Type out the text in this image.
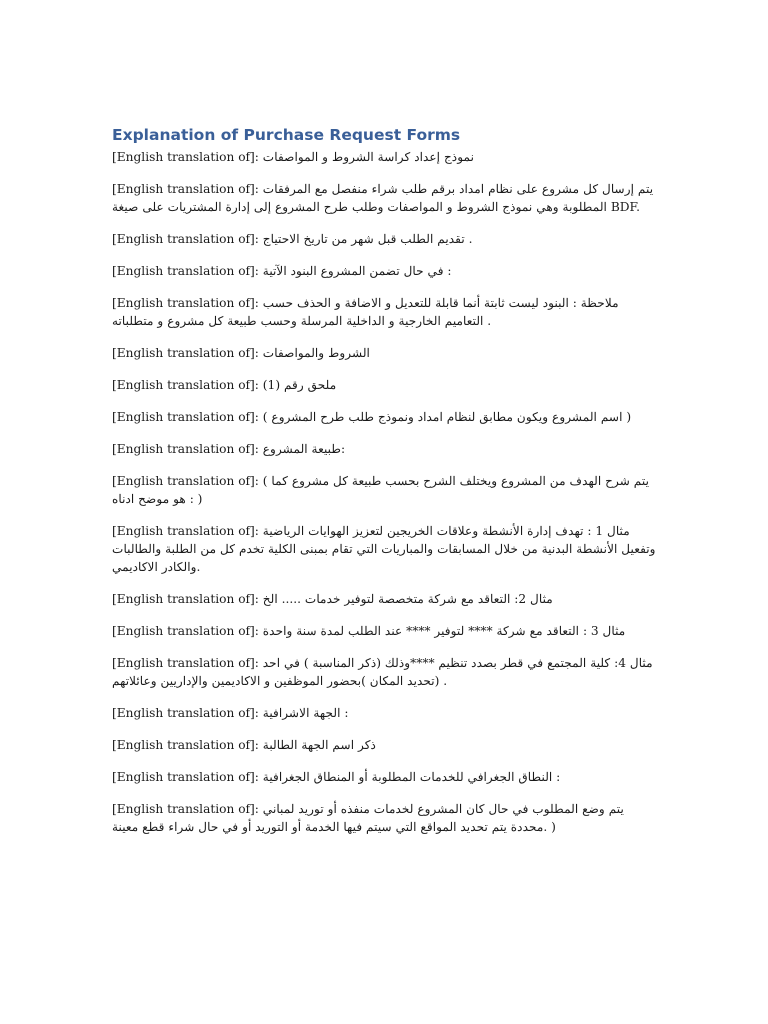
Explanation of Purchase Request Forms

[English translation of]: نموذج إعداد كراسة الشروط و المواصفات

[English translation of]: يتم إرسال كل مشروع على نظام امداد برقم طلب شراء منفصل مع المرفقات المطلوبة وهي نموذج الشروط و المواصفات وطلب طرح المشروع إلى إدارة المشتريات على صيغة BDF.

[English translation of]: تقديم الطلب قبل شهر من تاريخ الاحتياج .

[English translation of]: في حال تضمن المشروع البنود الآتية :

[English translation of]: ملاحظة : البنود ليست ثابتة أنما قابلة للتعديل و الاضافة و الحذف حسب التعاميم الخارجية و الداخلية المرسلة وحسب طبيعة كل مشروع و متطلباته .

[English translation of]: الشروط والمواصفات

[English translation of]: ملحق رقم (1)

[English translation of]: ( اسم المشروع ويكون مطابق لنظام امداد ونموذج طلب طرح المشروع )

[English translation of]: طبيعة المشروع:

[English translation of]: ( يتم شرح الهدف من المشروع ويختلف الشرح بحسب طبيعة كل مشروع كما هو موضح ادناه : )

[English translation of]: مثال 1 : تهدف إدارة الأنشطة وعلاقات الخريجين لتعزيز الهوايات الرياضية وتفعيل الأنشطة البدنية من خلال المسابقات والمباريات التي تقام بمبنى الكلية تخدم كل من الطلبة والطالبات والكادر الاكاديمي.

[English translation of]: مثال 2: التعاقد مع شركة متخصصة لتوفير خدمات ..... الخ

[English translation of]: مثال 3 : التعاقد مع شركة **** لتوفير **** عند الطلب لمدة سنة واحدة

[English translation of]: مثال 4: كلية المجتمع في قطر بصدد تنظيم ****وذلك (ذكر المناسبة ) في احد (تحديد المكان )بحضور الموظفين و الاكاديمين والإداريين وعائلاتهم .

[English translation of]: الجهة الاشرافية :

[English translation of]: ذكر اسم الجهة الطالبة

[English translation of]: النطاق الجغرافي للخدمات المطلوبة أو المنطاق الجغرافية :

[English translation of]: يتم وضع المطلوب في حال كان المشروع لخدمات منفذه أو توريد لمباني محددة يتم تحديد المواقع التي سيتم فيها الخدمة أو التوريد أو في حال شراء قطع معينة. )
